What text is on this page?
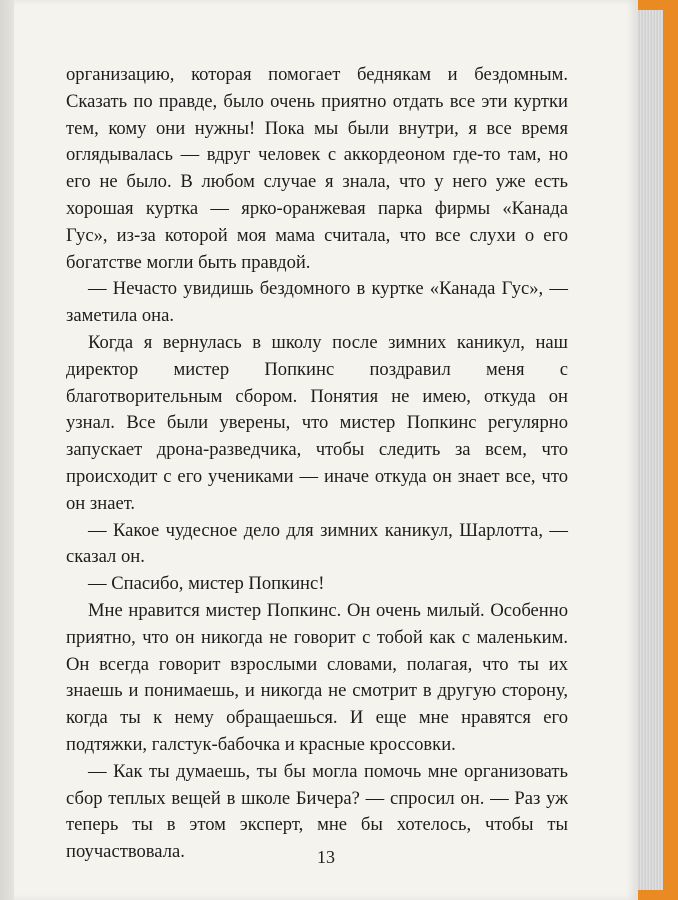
организацию, которая помогает беднякам и бездомным. Сказать по правде, было очень приятно отдать все эти куртки тем, кому они нужны! Пока мы были внутри, я все время оглядывалась — вдруг человек с аккордеоном где-то там, но его не было. В любом случае я знала, что у него уже есть хорошая куртка — ярко-оранжевая парка фирмы «Канада Гус», из-за которой моя мама считала, что все слухи о его богатстве могли быть правдой.

— Нечасто увидишь бездомного в куртке «Канада Гус», — заметила она.

Когда я вернулась в школу после зимних каникул, наш директор мистер Попкинс поздравил меня с благотворительным сбором. Понятия не имею, откуда он узнал. Все были уверены, что мистер Попкинс регулярно запускает дрона-разведчика, чтобы следить за всем, что происходит с его учениками — иначе откуда он знает все, что он знает.

— Какое чудесное дело для зимних каникул, Шарлотта, — сказал он.

— Спасибо, мистер Попкинс!

Мне нравится мистер Попкинс. Он очень милый. Особенно приятно, что он никогда не говорит с тобой как с маленьким. Он всегда говорит взрослыми словами, полагая, что ты их знаешь и понимаешь, и никогда не смотрит в другую сторону, когда ты к нему обращаешься. И еще мне нравятся его подтяжки, галстук-бабочка и красные кроссовки.

— Как ты думаешь, ты бы могла помочь мне организовать сбор теплых вещей в школе Бичера? — спросил он. — Раз уж теперь ты в этом эксперт, мне бы хотелось, чтобы ты поучаствовала.	13
